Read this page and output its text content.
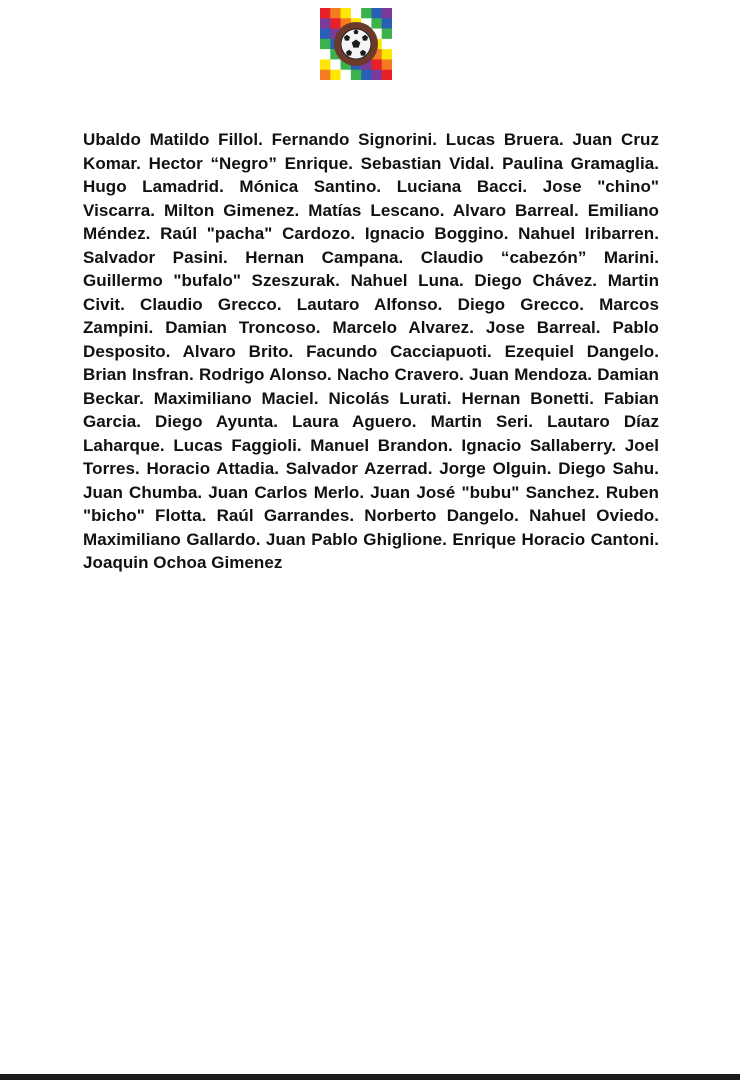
Ubaldo Matildo Fillol. Fernando Signorini. Lucas Bruera. Juan Cruz Komar. Hector “Negro” Enrique. Sebastian Vidal. Paulina Gramaglia. Hugo Lamadrid. Mónica Santino. Luciana Bacci. Jose "chino" Viscarra. Milton Gimenez. Matías Lescano. Alvaro Barreal. Emiliano Méndez. Raúl "pacha" Cardozo. Ignacio Boggino. Nahuel Iribarren. Salvador Pasini. Hernan Campana. Claudio “cabezón” Marini. Guillermo "bufalo" Szeszurak. Nahuel Luna. Diego Chávez. Martin Civit. Claudio Grecco. Lautaro Alfonso. Diego Grecco. Marcos Zampini. Damian Troncoso. Marcelo Alvarez. Jose Barreal. Pablo Desposito. Alvaro Brito. Facundo Cacciapuoti. Ezequiel Dangelo. Brian Insfran. Rodrigo Alonso. Nacho Cravero. Juan Mendoza. Damian Beckar. Maximiliano Maciel. Nicolás Lurati. Hernan Bonetti. Fabian Garcia. Diego Ayunta. Laura Aguero. Martin Seri. Lautaro Díaz Laharque. Lucas Faggioli. Manuel Brandon. Ignacio Sallaberry. Joel Torres. Horacio Attadia. Salvador Azerrad. Jorge Olguin. Diego Sahu. Juan Chumba. Juan Carlos Merlo. Juan José "bubu" Sanchez. Ruben "bicho" Flotta. Raúl Garrandes. Norberto Dangelo. Nahuel Oviedo. Maximiliano Gallardo. Juan Pablo Ghiglione. Enrique Horacio Cantoni. Joaquin Ochoa Gimenez
